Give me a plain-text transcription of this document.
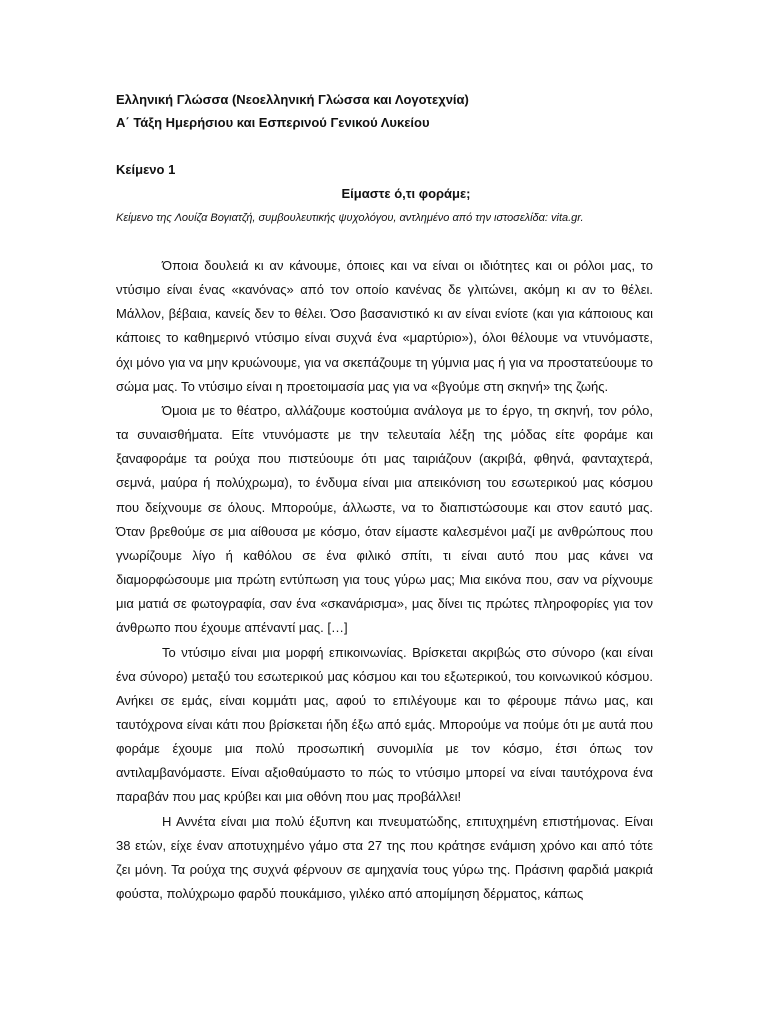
Ελληνική Γλώσσα (Νεοελληνική Γλώσσα και Λογοτεχνία)
Α΄ Τάξη Ημερήσιου και Εσπερινού Γενικού Λυκείου
Κείμενο 1
Είμαστε ό,τι φοράμε;
Κείμενο της Λουίζα Βογιατζή, συμβουλευτικής ψυχολόγου, αντλημένο από την ιστοσελίδα: vita.gr.

Όποια δουλειά κι αν κάνουμε, όποιες και να είναι οι ιδιότητες και οι ρόλοι μας, το ντύσιμο είναι ένας «κανόνας» από τον οποίο κανένας δε γλιτώνει, ακόμη κι αν το θέλει. Μάλλον, βέβαια, κανείς δεν το θέλει. Όσο βασανιστικό κι αν είναι ενίοτε (και για κάποιους και κάποιες το καθημερινό ντύσιμο είναι συχνά ένα «μαρτύριο»), όλοι θέλουμε να ντυνόμαστε, όχι μόνο για να μην κρυώνουμε, για να σκεπάζουμε τη γύμνια μας ή για να προστατεύουμε το σώμα μας. Το ντύσιμο είναι η προετοιμασία μας για να «βγούμε στη σκηνή» της ζωής.

Όμοια με το θέατρο, αλλάζουμε κοστούμια ανάλογα με το έργο, τη σκηνή, τον ρόλο, τα συναισθήματα. Είτε ντυνόμαστε με την τελευταία λέξη της μόδας είτε φοράμε και ξαναφοράμε τα ρούχα που πιστεύουμε ότι μας ταιριάζουν (ακριβά, φθηνά, φανταχτερά, σεμνά, μαύρα ή πολύχρωμα), το ένδυμα είναι μια απεικόνιση του εσωτερικού μας κόσμου που δείχνουμε σε όλους. Μπορούμε, άλλωστε, να το διαπιστώσουμε και στον εαυτό μας. Όταν βρεθούμε σε μια αίθουσα με κόσμο, όταν είμαστε καλεσμένοι μαζί με ανθρώπους που γνωρίζουμε λίγο ή καθόλου σε ένα φιλικό σπίτι, τι είναι αυτό που μας κάνει να διαμορφώσουμε μια πρώτη εντύπωση για τους γύρω μας; Μια εικόνα που, σαν να ρίχνουμε μια ματιά σε φωτογραφία, σαν ένα «σκανάρισμα», μας δίνει τις πρώτες πληροφορίες για τον άνθρωπο που έχουμε απέναντί μας. […]

Το ντύσιμο είναι μια μορφή επικοινωνίας. Βρίσκεται ακριβώς στο σύνορο (και είναι ένα σύνορο) μεταξύ του εσωτερικού μας κόσμου και του εξωτερικού, του κοινωνικού κόσμου. Ανήκει σε εμάς, είναι κομμάτι μας, αφού το επιλέγουμε και το φέρουμε πάνω μας, και ταυτόχρονα είναι κάτι που βρίσκεται ήδη έξω από εμάς. Μπορούμε να πούμε ότι με αυτά που φοράμε έχουμε μια πολύ προσωπική συνομιλία με τον κόσμο, έτσι όπως τον αντιλαμβανόμαστε. Είναι αξιοθαύμαστο το πώς το ντύσιμο μπορεί να είναι ταυτόχρονα ένα παραβάν που μας κρύβει και μια οθόνη που μας προβάλλει!

Η Αννέτα είναι μια πολύ έξυπνη και πνευματώδης, επιτυχημένη επιστήμονας. Είναι 38 ετών, είχε έναν αποτυχημένο γάμο στα 27 της που κράτησε ενάμιση χρόνο και από τότε ζει μόνη. Τα ρούχα της συχνά φέρνουν σε αμηχανία τους γύρω της. Πράσινη φαρδιά μακριά φούστα, πολύχρωμο φαρδύ πουκάμισο, γιλέκο από απομίμηση δέρματος, κάπως
